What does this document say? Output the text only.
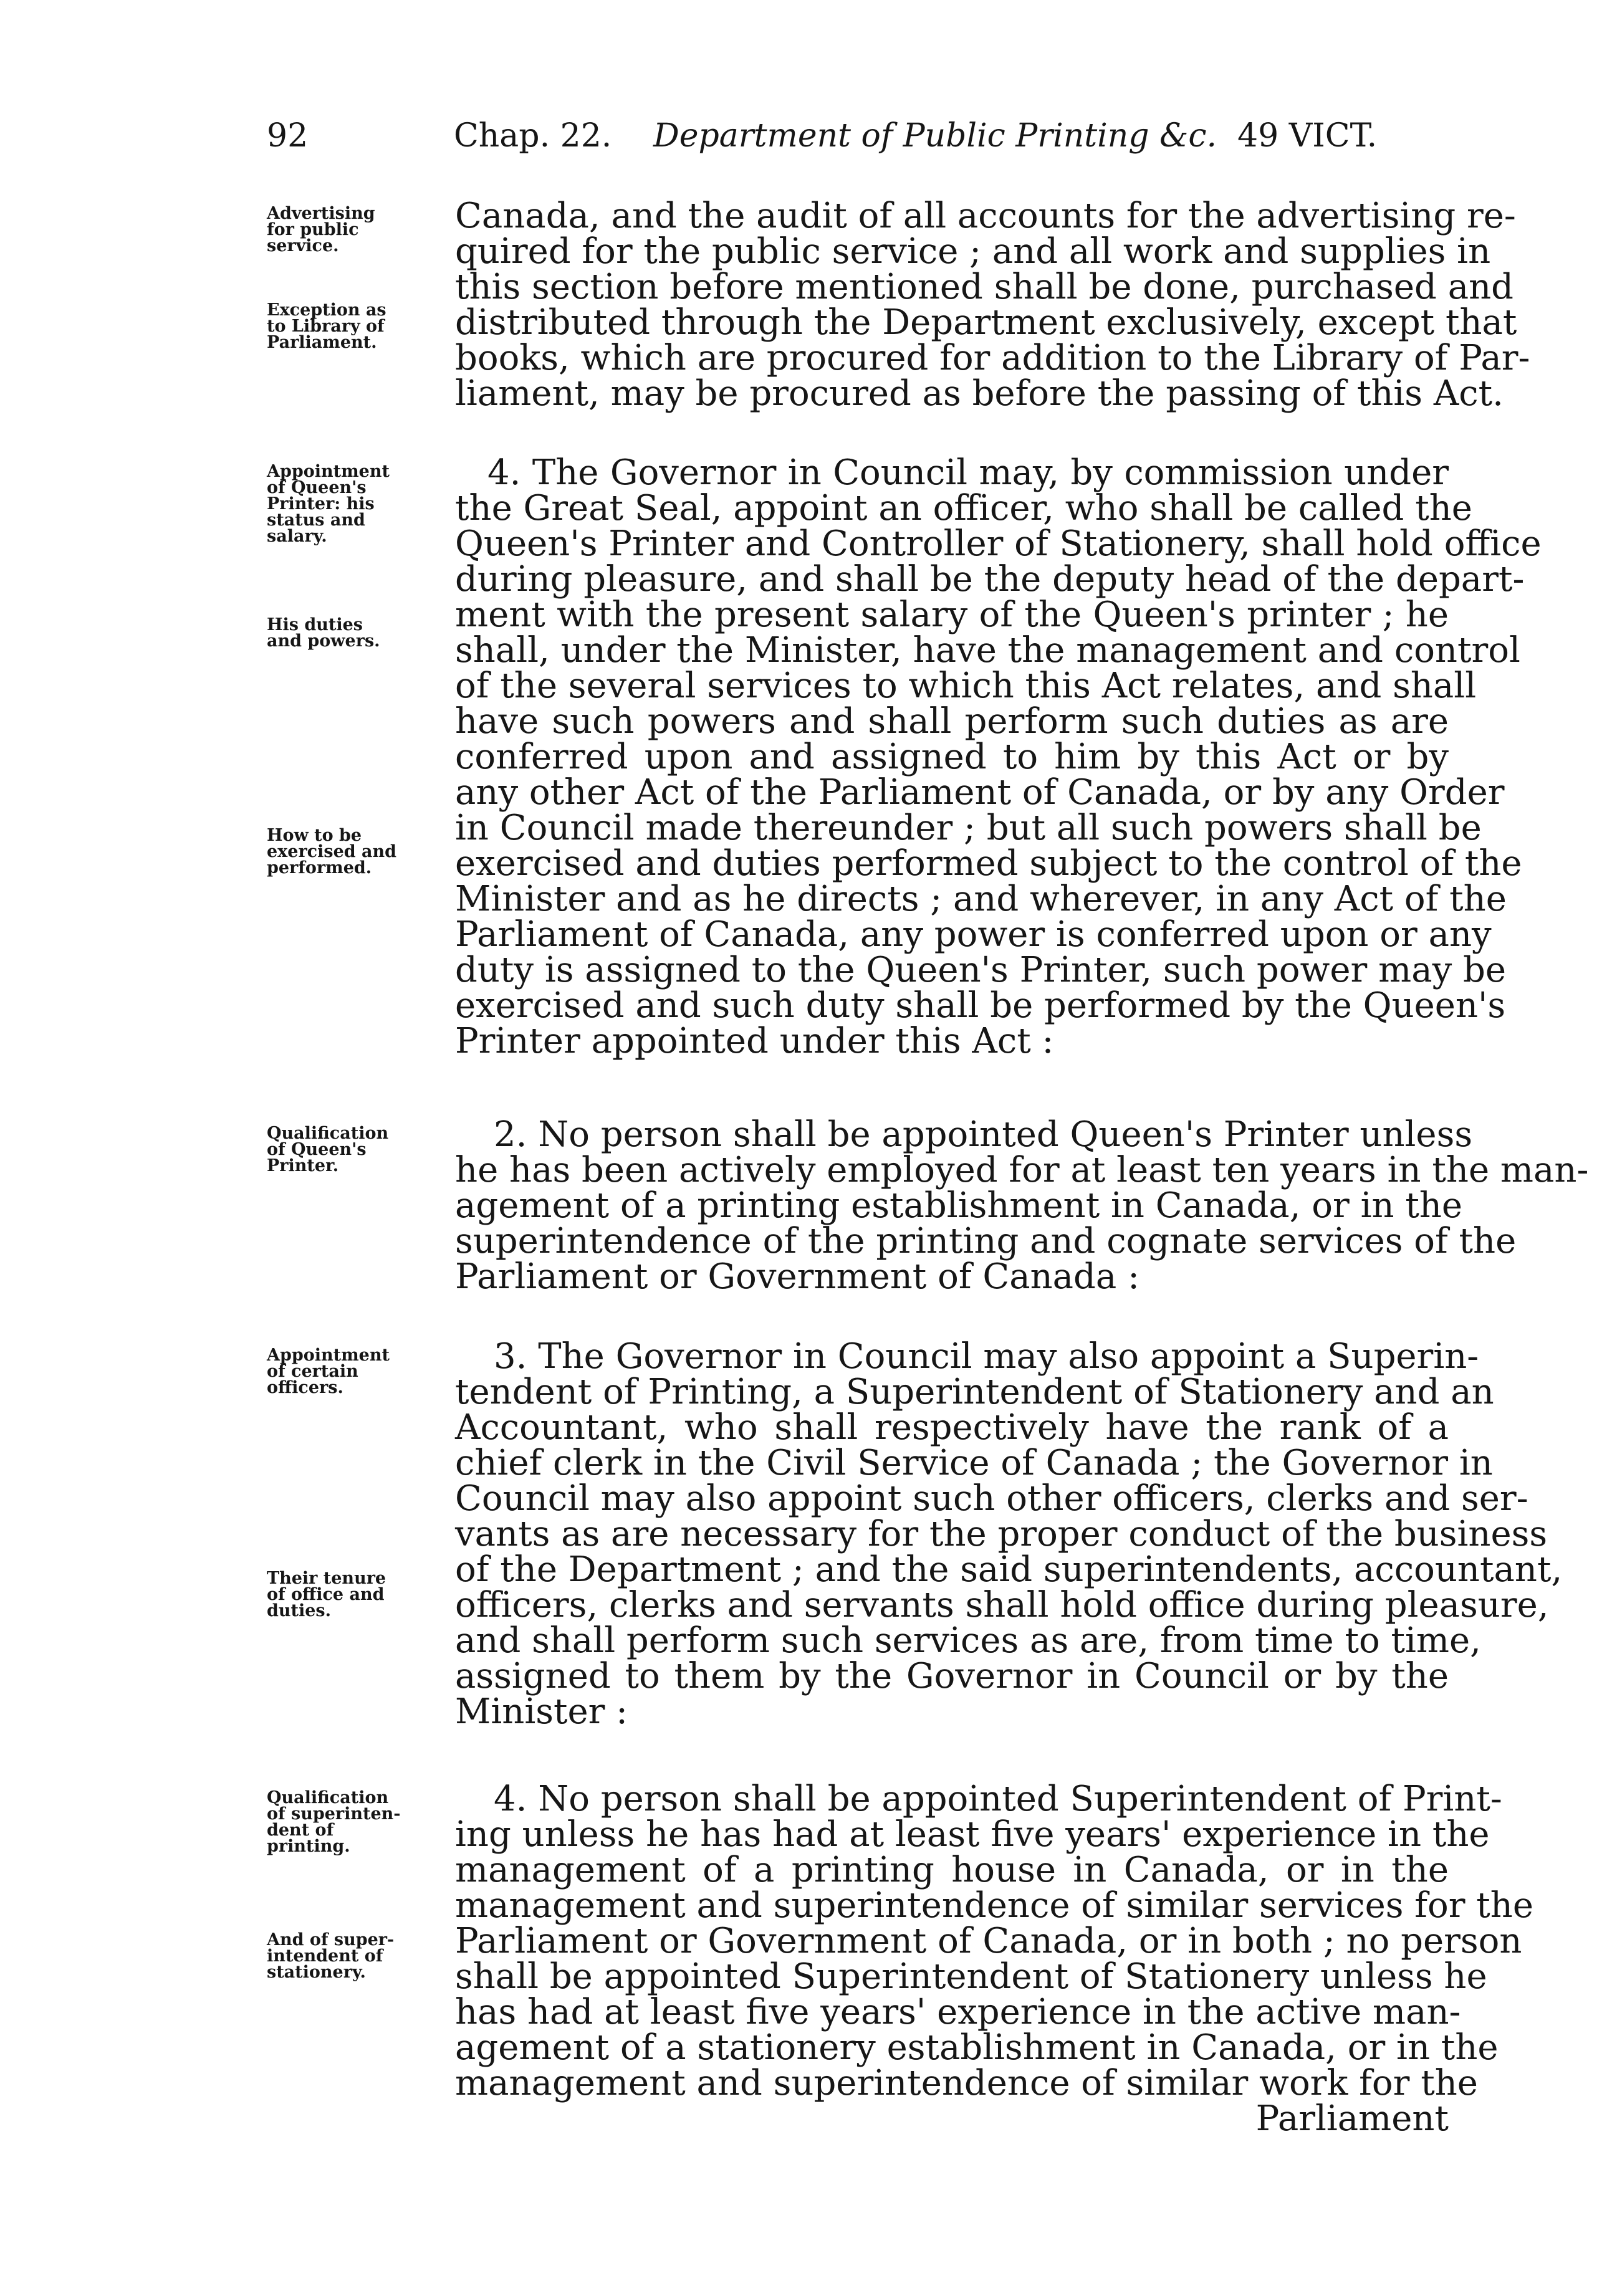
92	Chap. 22. Department of Public Printing &c. 49 VICT.
Advertising
for public
service.
Exception as
to Library of
Parliament.

Canada, and the audit of all accounts for the advertising re-
quired for the public service ; and all work and supplies in
this section before mentioned shall be done, purchased and
distributed through the Department exclusively, except that
books, which are procured for addition to the Library of Par-
liament, may be procured as before the passing of this Act.

Appointment
of Queen's
Printer: his
status and
salary.
His duties
and powers.
How to be
exercised and
performed.

4. The Governor in Council may, by commission under
the Great Seal, appoint an officer, who shall be called the
Queen's Printer and Controller of Stationery, shall hold office
during pleasure, and shall be the deputy head of the depart-
ment with the present salary of the Queen's printer ; he
shall, under the Minister, have the management and control
of the several services to which this Act relates, and shall
have such powers and shall perform such duties as are
conferred upon and assigned to him by this Act or by
any other Act of the Parliament of Canada, or by any Order
in Council made thereunder ; but all such powers shall be
exercised and duties performed subject to the control of the
Minister and as he directs ; and wherever, in any Act of the
Parliament of Canada, any power is conferred upon or any
duty is assigned to the Queen's Printer, such power may be
exercised and such duty shall be performed by the Queen's
Printer appointed under this Act :

Qualification
of Queen's
Printer.

2. No person shall be appointed Queen's Printer unless
he has been actively employed for at least ten years in the man-
agement of a printing establishment in Canada, or in the
superintendence of the printing and cognate services of the
Parliament or Government of Canada :

Appointment
of certain
officers.
Their tenure
of office and
duties.

3. The Governor in Council may also appoint a Superin-
tendent of Printing, a Superintendent of Stationery and an
Accountant, who shall respectively have the rank of a
chief clerk in the Civil Service of Canada ; the Governor in
Council may also appoint such other officers, clerks and ser-
vants as are necessary for the proper conduct of the business
of the Department ; and the said superintendents, accountant,
officers, clerks and servants shall hold office during pleasure,
and shall perform such services as are, from time to time,
assigned to them by the Governor in Council or by the
Minister :

Qualification
of superinten-
dent of
printing.
And of super-
intendent of
stationery.

4. No person shall be appointed Superintendent of Print-
ing unless he has had at least five years' experience in the
management of a printing house in Canada, or in the
management and superintendence of similar services for the
Parliament or Government of Canada, or in both ; no person
shall be appointed Superintendent of Stationery unless he
has had at least five years' experience in the active man-
agement of a stationery establishment in Canada, or in the
management and superintendence of similar work for the
Parliament
